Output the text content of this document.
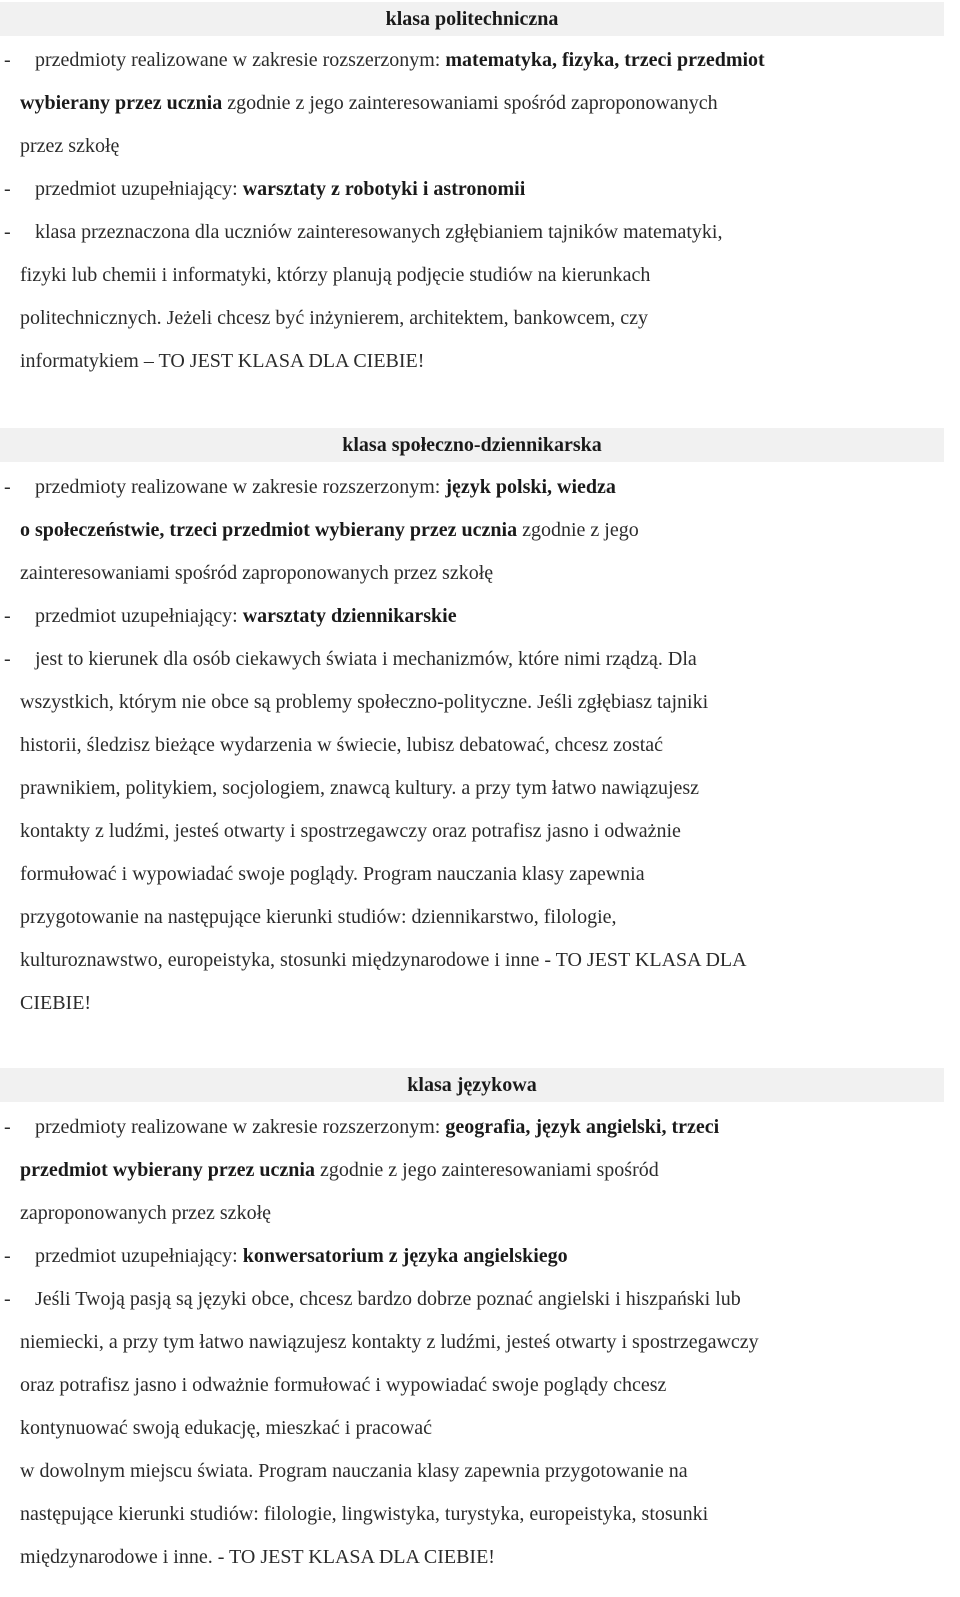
klasa politechniczna
- przedmioty realizowane w zakresie rozszerzonym: matematyka, fizyka, trzeci przedmiot
wybierany przez ucznia zgodnie z jego zainteresowaniami spośród zaproponowanych
przez szkołę
- przedmiot uzupełniający: warsztaty z robotyki i astronomii
- klasa przeznaczona dla uczniów zainteresowanych zgłębianiem tajników matematyki,
fizyki lub chemii i informatyki, którzy planują podjęcie studiów na kierunkach
politechnicznych. Jeżeli chcesz być inżynierem, architektem, bankowcem, czy
informatykiem – TO JEST KLASA DLA CIEBIE!
klasa społeczno-dziennikarska
- przedmioty realizowane w zakresie rozszerzonym: język polski, wiedza
o społeczeństwie, trzeci przedmiot wybierany przez ucznia zgodnie z jego
zainteresowaniami spośród zaproponowanych przez szkołę
- przedmiot uzupełniający: warsztaty dziennikarskie
- jest to kierunek dla osób ciekawych świata i mechanizmów, które nimi rządzą. Dla
wszystkich, którym nie obce są problemy społeczno-polityczne. Jeśli zgłębiasz tajniki
historii, śledzisz bieżące wydarzenia w świecie, lubisz debatować, chcesz zostać
prawnikiem, politykiem, socjologiem, znawcą kultury. a przy tym łatwo nawiązujesz
kontakty z ludźmi, jesteś otwarty i spostrzegawczy oraz potrafisz jasno i odważnie
formułować i wypowiadać swoje poglądy. Program nauczania klasy zapewnia
przygotowanie na następujące kierunki studiów: dziennikarstwo, filologie,
kulturoznawstwo, europeistyka, stosunki międzynarodowe i inne - TO JEST KLASA DLA
CIEBIE!
klasa językowa
- przedmioty realizowane w zakresie rozszerzonym: geografia, język angielski, trzeci
przedmiot wybierany przez ucznia zgodnie z jego zainteresowaniami spośród
zaproponowanych przez szkołę
- przedmiot uzupełniający: konwersatorium z języka angielskiego
- Jeśli Twoją pasją są języki obce, chcesz bardzo dobrze poznać angielski i hiszpański lub
niemiecki, a przy tym łatwo nawiązujesz kontakty z ludźmi, jesteś otwarty i spostrzegawczy
oraz potrafisz jasno i odważnie formułować i wypowiadać swoje poglądy chcesz
kontynuować swoją edukację, mieszkać i pracować
w dowolnym miejscu świata. Program nauczania klasy zapewnia przygotowanie na
następujące kierunki studiów: filologie, lingwistyka, turystyka, europeistyka, stosunki
międzynarodowe i inne. - TO JEST KLASA DLA CIEBIE!
